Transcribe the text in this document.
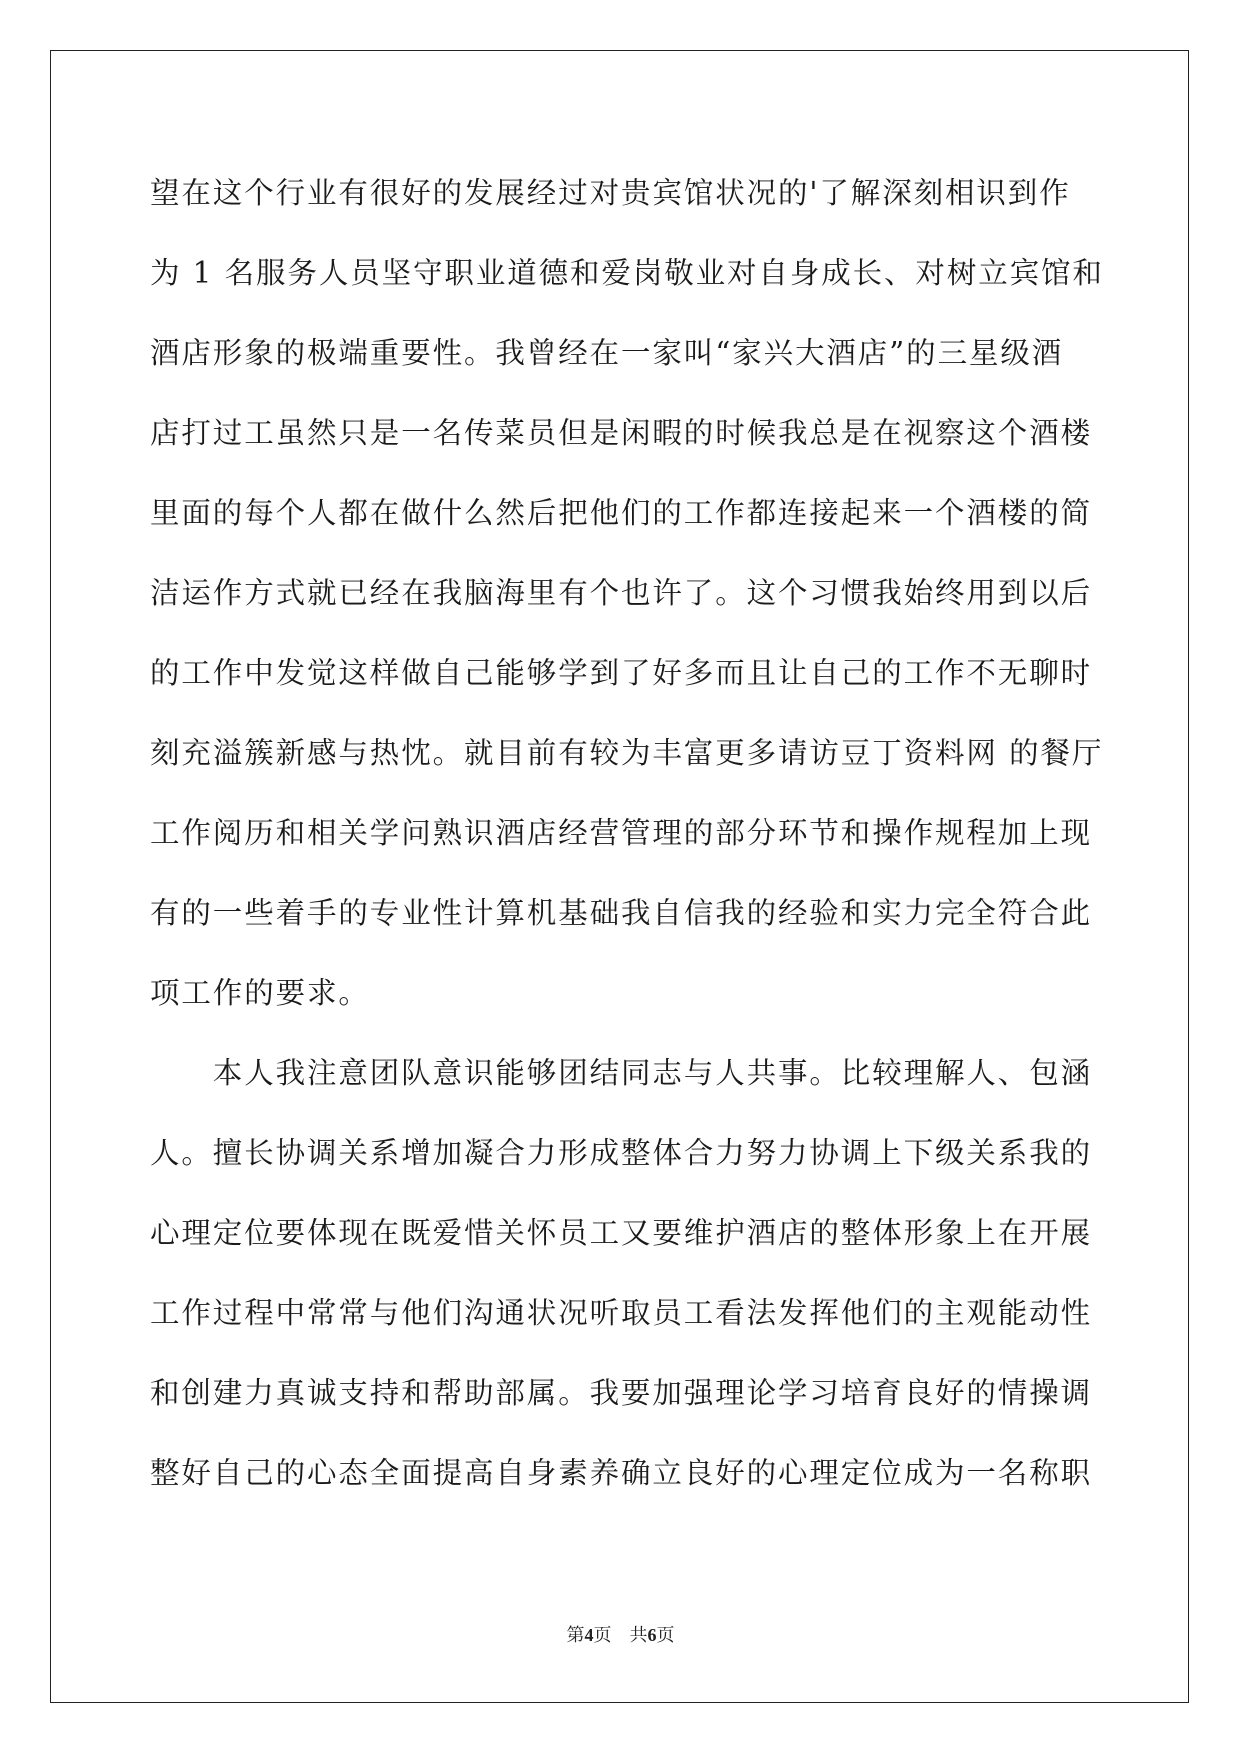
望在这个行业有很好的发展经过对贵宾馆状况的'了解深刻相识到作
为 1 名服务人员坚守职业道德和爱岗敬业对自身成长、对树立宾馆和
酒店形象的极端重要性。我曾经在一家叫“家兴大酒店”的三星级酒
店打过工虽然只是一名传菜员但是闲暇的时候我总是在视察这个酒楼
里面的每个人都在做什么然后把他们的工作都连接起来一个酒楼的简
洁运作方式就已经在我脑海里有个也许了。这个习惯我始终用到以后
的工作中发觉这样做自己能够学到了好多而且让自己的工作不无聊时
刻充溢簇新感与热忱。就目前有较为丰富更多请访豆丁资料网 的餐厅
工作阅历和相关学问熟识酒店经营管理的部分环节和操作规程加上现
有的一些着手的专业性计算机基础我自信我的经验和实力完全符合此
项工作的要求。
　　本人我注意团队意识能够团结同志与人共事。比较理解人、包涵
人。擅长协调关系增加凝合力形成整体合力努力协调上下级关系我的
心理定位要体现在既爱惜关怀员工又要维护酒店的整体形象上在开展
工作过程中常常与他们沟通状况听取员工看法发挥他们的主观能动性
和创建力真诚支持和帮助部属。我要加强理论学习培育良好的情操调
整好自己的心态全面提高自身素养确立良好的心理定位成为一名称职
第4页　共6页
